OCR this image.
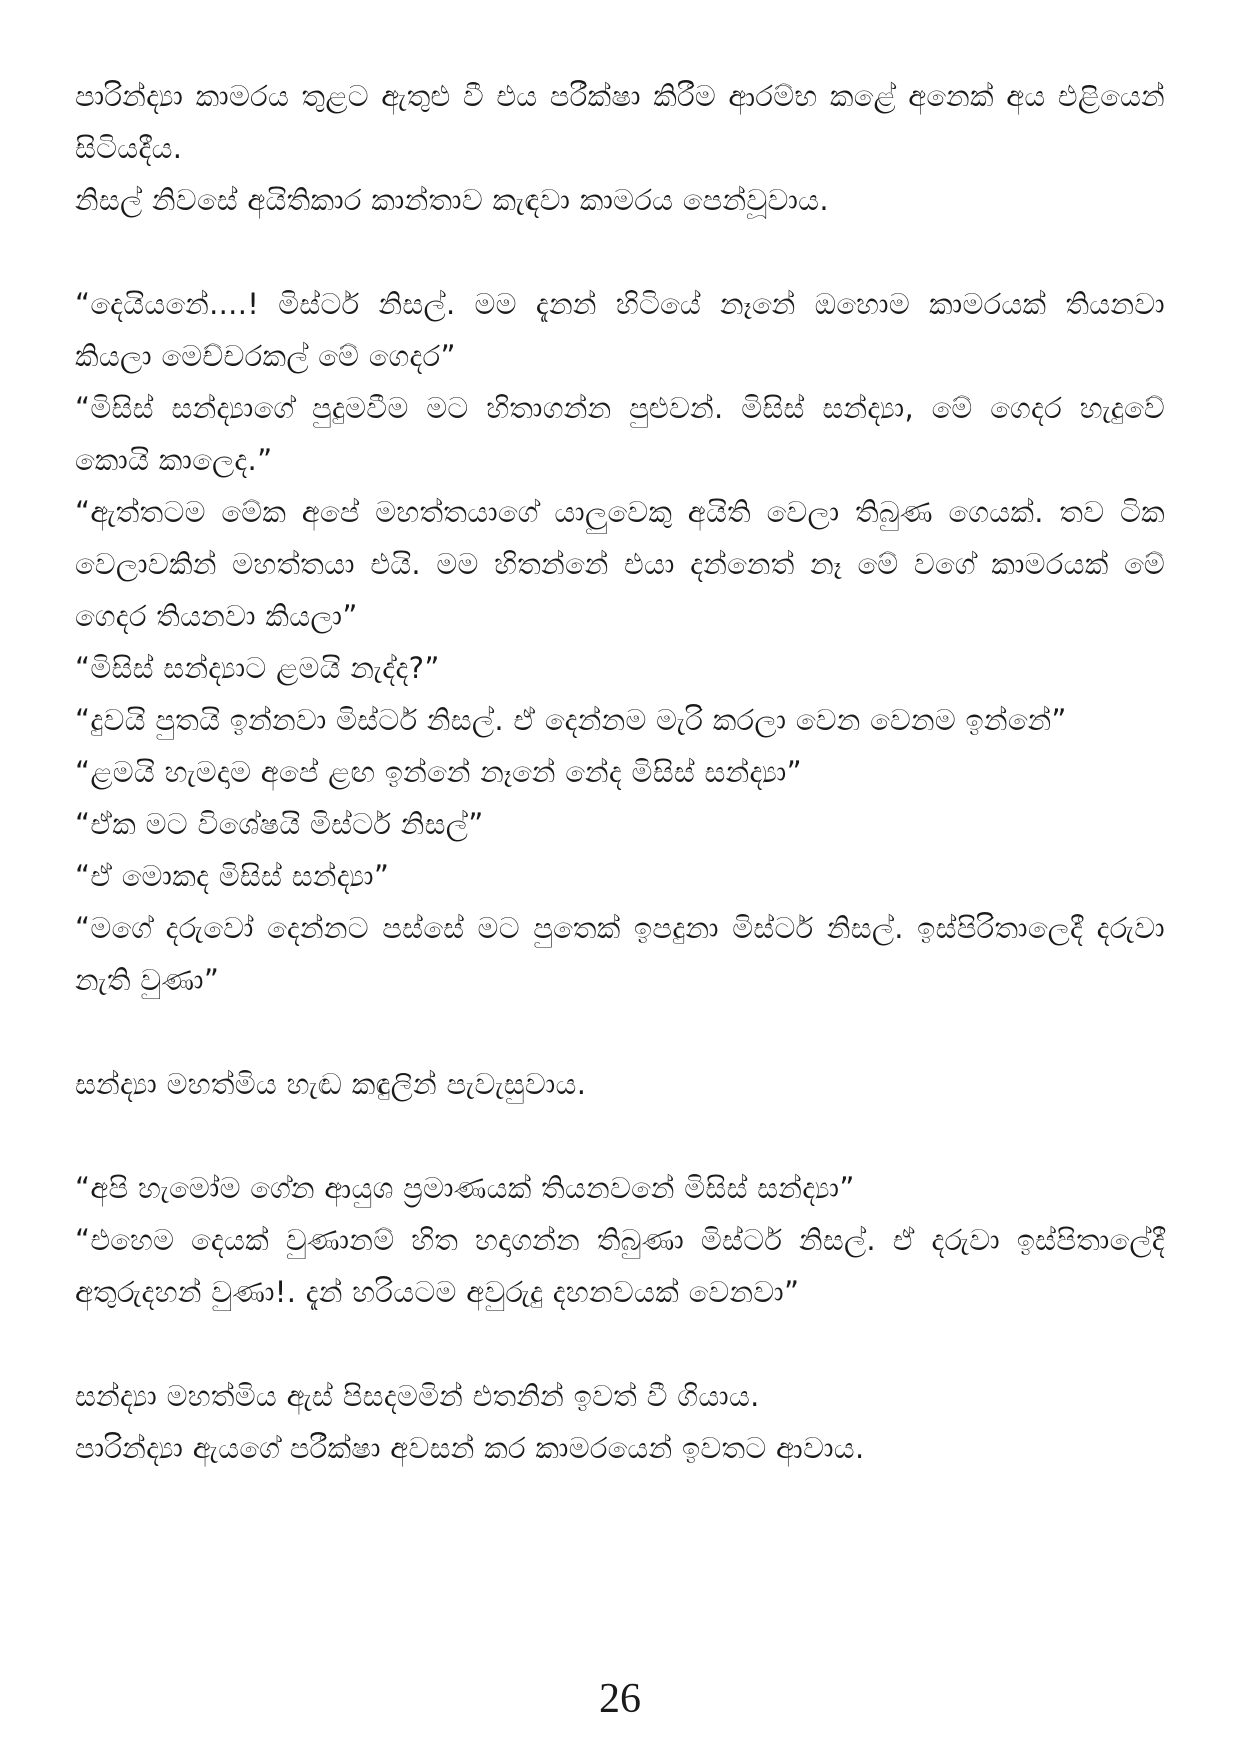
පාරින්ද්‍යා කාමරය තුළට ඇතුළු වී එය පරීක්ෂා කිරීම ආරම්භ කළේ අනෙක් අය එළියෙන් සිටියදීය.

නිසල් නිවසේ අයිතිකාර කාන්තාව කැඳවා කාමරය පෙන්වූවාය.

“දෙයියනේ....! මිස්ටර් නිසල්. මම දැනන් හිටියේ නෑනේ ඔහොම කාමරයක් තියනවා කියලා මෙච්චරකල් මේ ගෙදර”

“මිසිස් සන්ද්‍යාගේ පුදුමවීම මට හිතාගන්න පුළුවන්. මිසිස් සන්ද්‍යා, මේ ගෙදර හැදුවේ කොයි කාලෙද.”

“ඇත්තටම මේක අපේ මහත්තයාගේ යාලුවෙකු අයිති වෙලා තිබුණ ගෙයක්. තව ටික වෙලාවකින් මහත්තයා එයි. මම හිතන්නේ එයා දන්නෙත් නෑ මේ වගේ කාමරයක් මේ ගෙදර තියනවා කියලා”

“මිසිස් සන්ද්‍යාට ළමයි නැද්ද?”

“දුවයි පුතයි ඉන්නවා මිස්ටර් නිසල්. ඒ දෙන්නම මැරි කරලා වෙන වෙනම ඉන්නේ”

“ළමයි හැමදාම අපේ ළඟ ඉන්නේ නෑනේ නේද මිසිස් සන්ද්‍යා”

“ඒක මට විශේෂයි මිස්ටර් නිසල්”

“ඒ මොකද මිසිස් සන්ද්‍යා”

“මගේ දරුවෝ දෙන්නට පස්සේ මට පුතෙක් ඉපදුනා මිස්ටර් නිසල්. ඉස්පිරිතාලෙදී දරුවා නැති වුණා”

සන්ද්‍යා මහත්මිය හැඬ කඳුලින් පැවැසුවාය.

“අපි හැමෝම ගේන ආයුශ ප්‍රමාණයක් තියනවනේ මිසිස් සන්ද්‍යා”

“එහෙම දෙයක් වුණානම් හිත හදාගන්න තිබුණා මිස්ටර් නිසල්. ඒ දරුවා ඉස්පිතාලේදී අතුරුදහන් වුණා!. දැන් හරියටම අවුරුදු දහනවයක් වෙනවා”

සන්ද්‍යා මහත්මිය ඇස් පිසදමමින් එතනින් ඉවත් වී ගියාය.

පාරින්ද්‍යා ඇයගේ පරීක්ෂා අවසන් කර කාමරයෙන් ඉවතට ආවාය.

26
